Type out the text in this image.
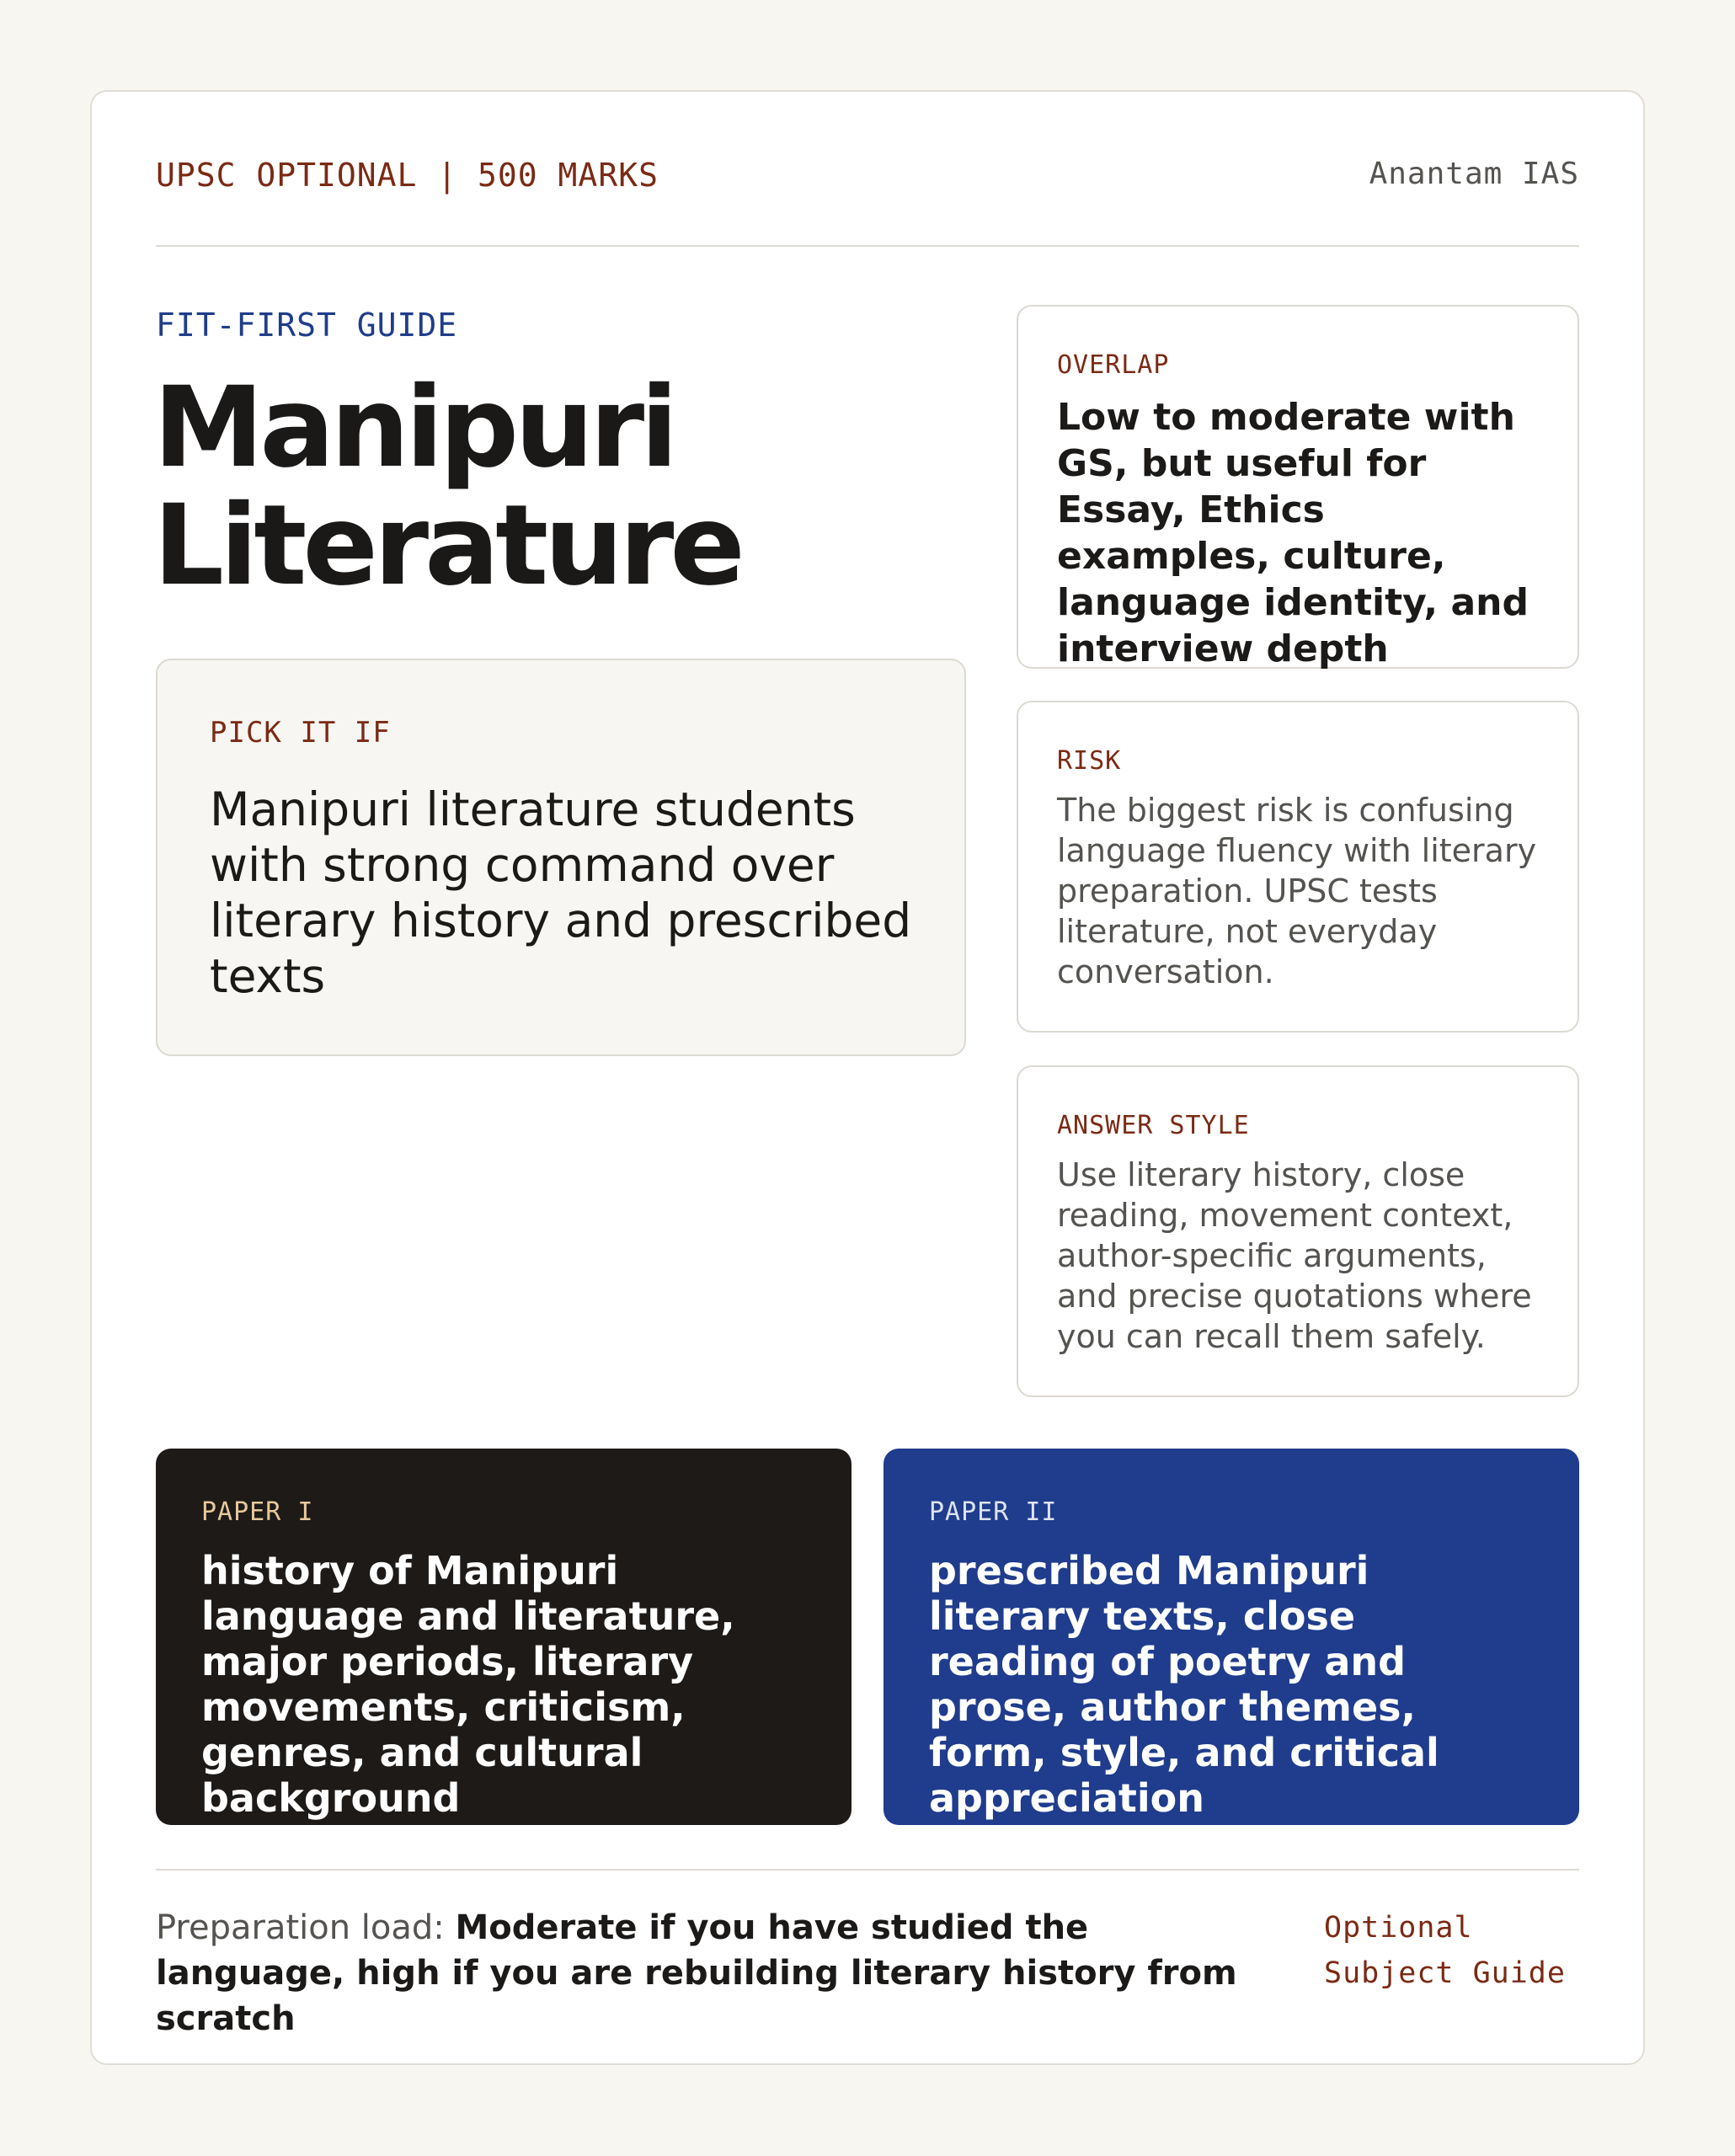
UPSC OPTIONAL | 500 MARKS	Anantam IAS
FIT-FIRST GUIDE
Manipuri
Literature
PICK IT IF
Manipuri literature students with strong command over literary history and prescribed texts
OVERLAP
Low to moderate with GS, but useful for Essay, Ethics examples, culture, language identity, and interview depth
RISK
The biggest risk is confusing language fluency with literary preparation. UPSC tests literature, not everyday conversation.
ANSWER STYLE
Use literary history, close reading, movement context, author-specific arguments, and precise quotations where you can recall them safely.
PAPER I
history of Manipuri language and literature, major periods, literary movements, criticism, genres, and cultural background
PAPER II
prescribed Manipuri literary texts, close reading of poetry and prose, author themes, form, style, and critical appreciation
Preparation load: Moderate if you have studied the language, high if you are rebuilding literary history from scratch
Optional
Subject Guide
